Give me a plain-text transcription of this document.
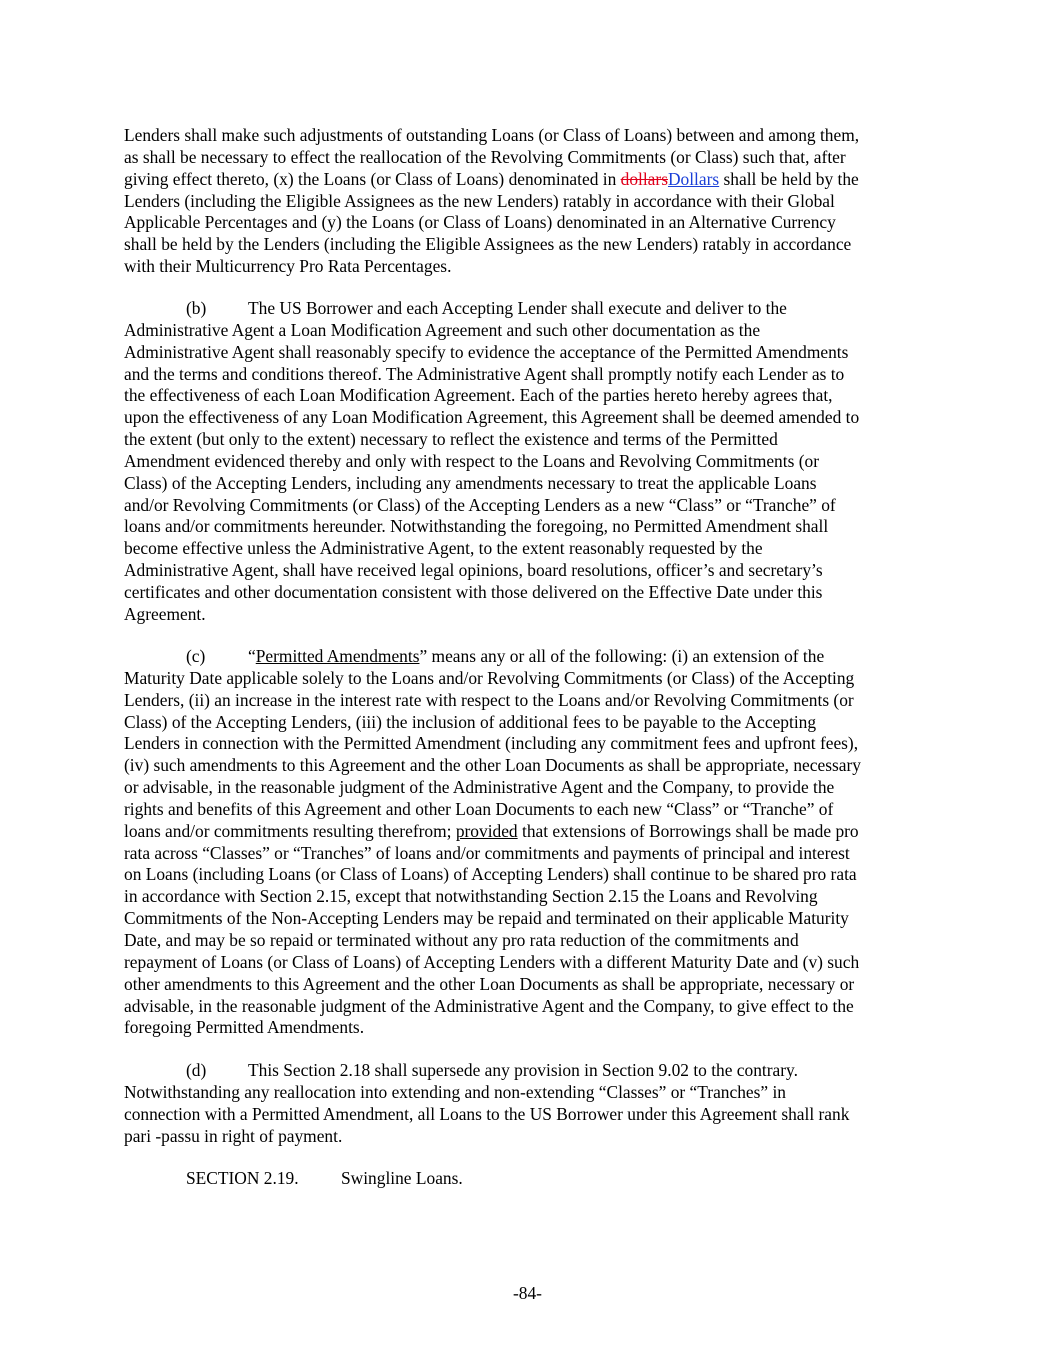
Lenders shall make such adjustments of outstanding Loans (or Class of Loans) between and among them,
as shall be necessary to effect the reallocation of the Revolving Commitments (or Class) such that, after
giving effect thereto, (x) the Loans (or Class of Loans) denominated in dollarsDollars shall be held by the
Lenders (including the Eligible Assignees as the new Lenders) ratably in accordance with their Global
Applicable Percentages and (y) the Loans (or Class of Loans) denominated in an Alternative Currency
shall be held by the Lenders (including the Eligible Assignees as the new Lenders) ratably in accordance
with their Multicurrency Pro Rata Percentages.

(b) The US Borrower and each Accepting Lender shall execute and deliver to the
Administrative Agent a Loan Modification Agreement and such other documentation as the
Administrative Agent shall reasonably specify to evidence the acceptance of the Permitted Amendments
and the terms and conditions thereof. The Administrative Agent shall promptly notify each Lender as to
the effectiveness of each Loan Modification Agreement. Each of the parties hereto hereby agrees that,
upon the effectiveness of any Loan Modification Agreement, this Agreement shall be deemed amended to
the extent (but only to the extent) necessary to reflect the existence and terms of the Permitted
Amendment evidenced thereby and only with respect to the Loans and Revolving Commitments (or
Class) of the Accepting Lenders, including any amendments necessary to treat the applicable Loans
and/or Revolving Commitments (or Class) of the Accepting Lenders as a new “Class” or “Tranche” of
loans and/or commitments hereunder. Notwithstanding the foregoing, no Permitted Amendment shall
become effective unless the Administrative Agent, to the extent reasonably requested by the
Administrative Agent, shall have received legal opinions, board resolutions, officer’s and secretary’s
certificates and other documentation consistent with those delivered on the Effective Date under this
Agreement.

(c) “Permitted Amendments” means any or all of the following: (i) an extension of the
Maturity Date applicable solely to the Loans and/or Revolving Commitments (or Class) of the Accepting
Lenders, (ii) an increase in the interest rate with respect to the Loans and/or Revolving Commitments (or
Class) of the Accepting Lenders, (iii) the inclusion of additional fees to be payable to the Accepting
Lenders in connection with the Permitted Amendment (including any commitment fees and upfront fees),
(iv) such amendments to this Agreement and the other Loan Documents as shall be appropriate, necessary
or advisable, in the reasonable judgment of the Administrative Agent and the Company, to provide the
rights and benefits of this Agreement and other Loan Documents to each new “Class” or “Tranche” of
loans and/or commitments resulting therefrom; provided that extensions of Borrowings shall be made pro
rata across “Classes” or “Tranches” of loans and/or commitments and payments of principal and interest
on Loans (including Loans (or Class of Loans) of Accepting Lenders) shall continue to be shared pro rata
in accordance with Section 2.15, except that notwithstanding Section 2.15 the Loans and Revolving
Commitments of the Non-Accepting Lenders may be repaid and terminated on their applicable Maturity
Date, and may be so repaid or terminated without any pro rata reduction of the commitments and
repayment of Loans (or Class of Loans) of Accepting Lenders with a different Maturity Date and (v) such
other amendments to this Agreement and the other Loan Documents as shall be appropriate, necessary or
advisable, in the reasonable judgment of the Administrative Agent and the Company, to give effect to the
foregoing Permitted Amendments.

(d) This Section 2.18 shall supersede any provision in Section 9.02 to the contrary.
Notwithstanding any reallocation into extending and non-extending “Classes” or “Tranches” in
connection with a Permitted Amendment, all Loans to the US Borrower under this Agreement shall rank
pari -passu in right of payment.

SECTION 2.19. Swingline Loans.
-84-
